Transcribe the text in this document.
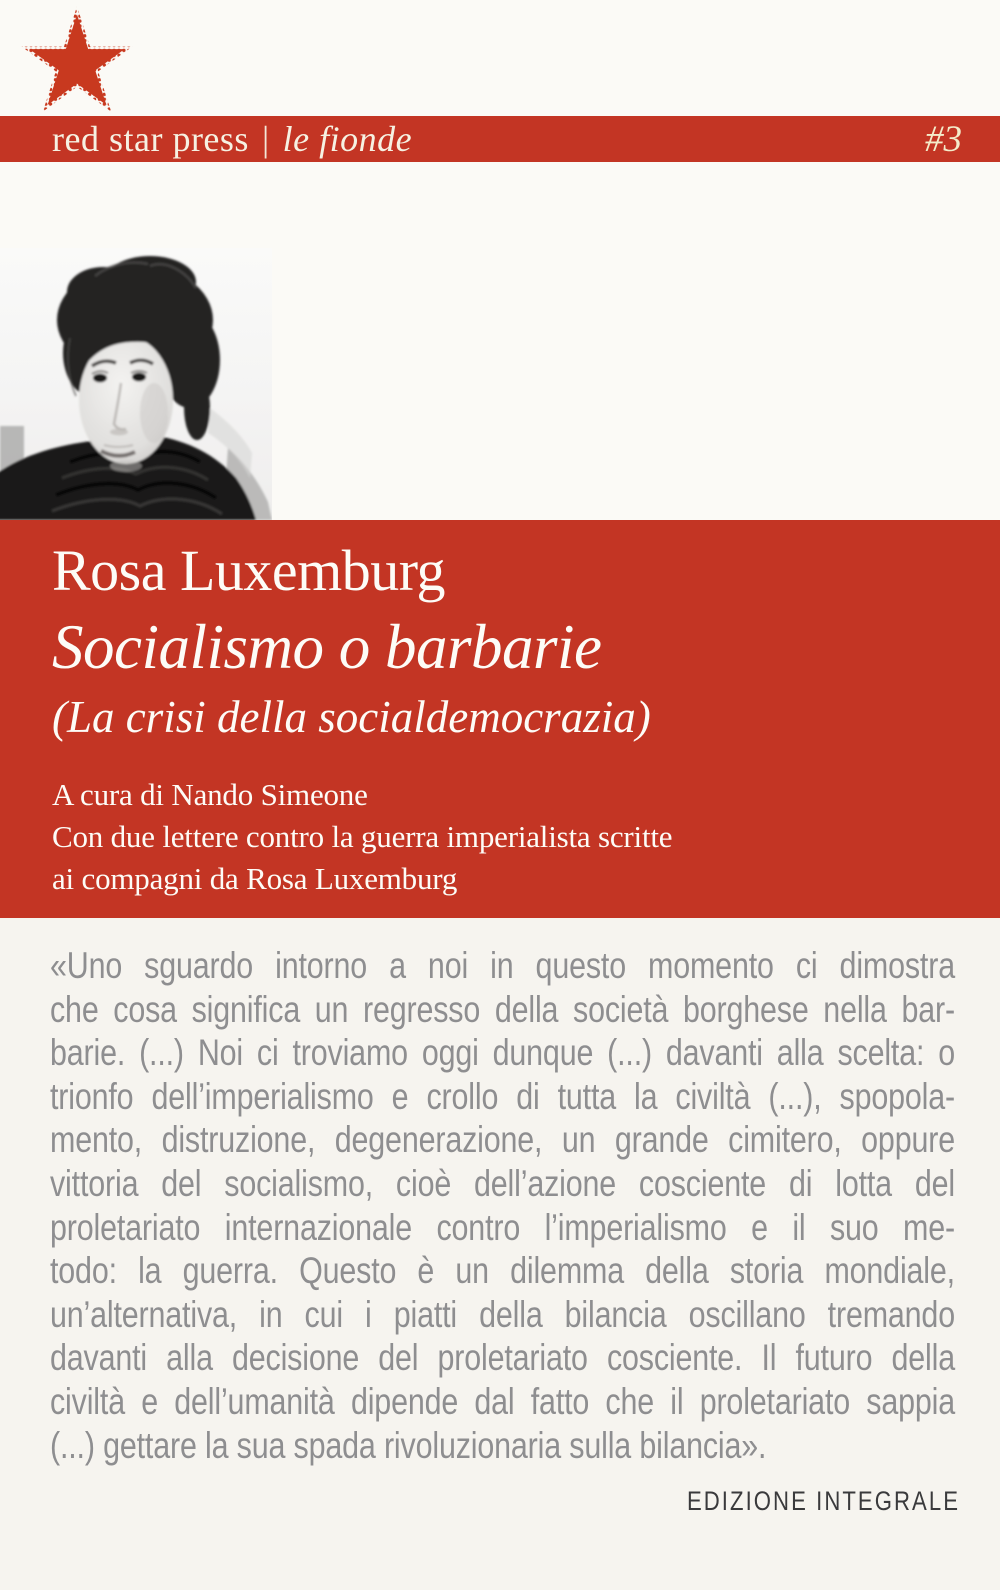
red star press | le fionde	#3
Rosa Luxemburg
Socialismo o barbarie
(La crisi della socialdemocrazia)
A cura di Nando Simeone
Con due lettere contro la guerra imperialista scritte
ai compagni da Rosa Luxemburg
«Uno sguardo intorno a noi in questo momento ci dimostra
che cosa significa un regresso della società borghese nella bar-
barie. (...) Noi ci troviamo oggi dunque (...) davanti alla scelta: o
trionfo dell’imperialismo e crollo di tutta la civiltà (...), spopola-
mento, distruzione, degenerazione, un grande cimitero, oppure
vittoria del socialismo, cioè dell’azione cosciente di lotta del
proletariato internazionale contro l’imperialismo e il suo me-
todo: la guerra. Questo è un dilemma della storia mondiale,
un’alternativa, in cui i piatti della bilancia oscillano tremando
davanti alla decisione del proletariato cosciente. Il futuro della
civiltà e dell’umanità dipende dal fatto che il proletariato sappia
(...) gettare la sua spada rivoluzionaria sulla bilancia».
EDIZIONE INTEGRALE
